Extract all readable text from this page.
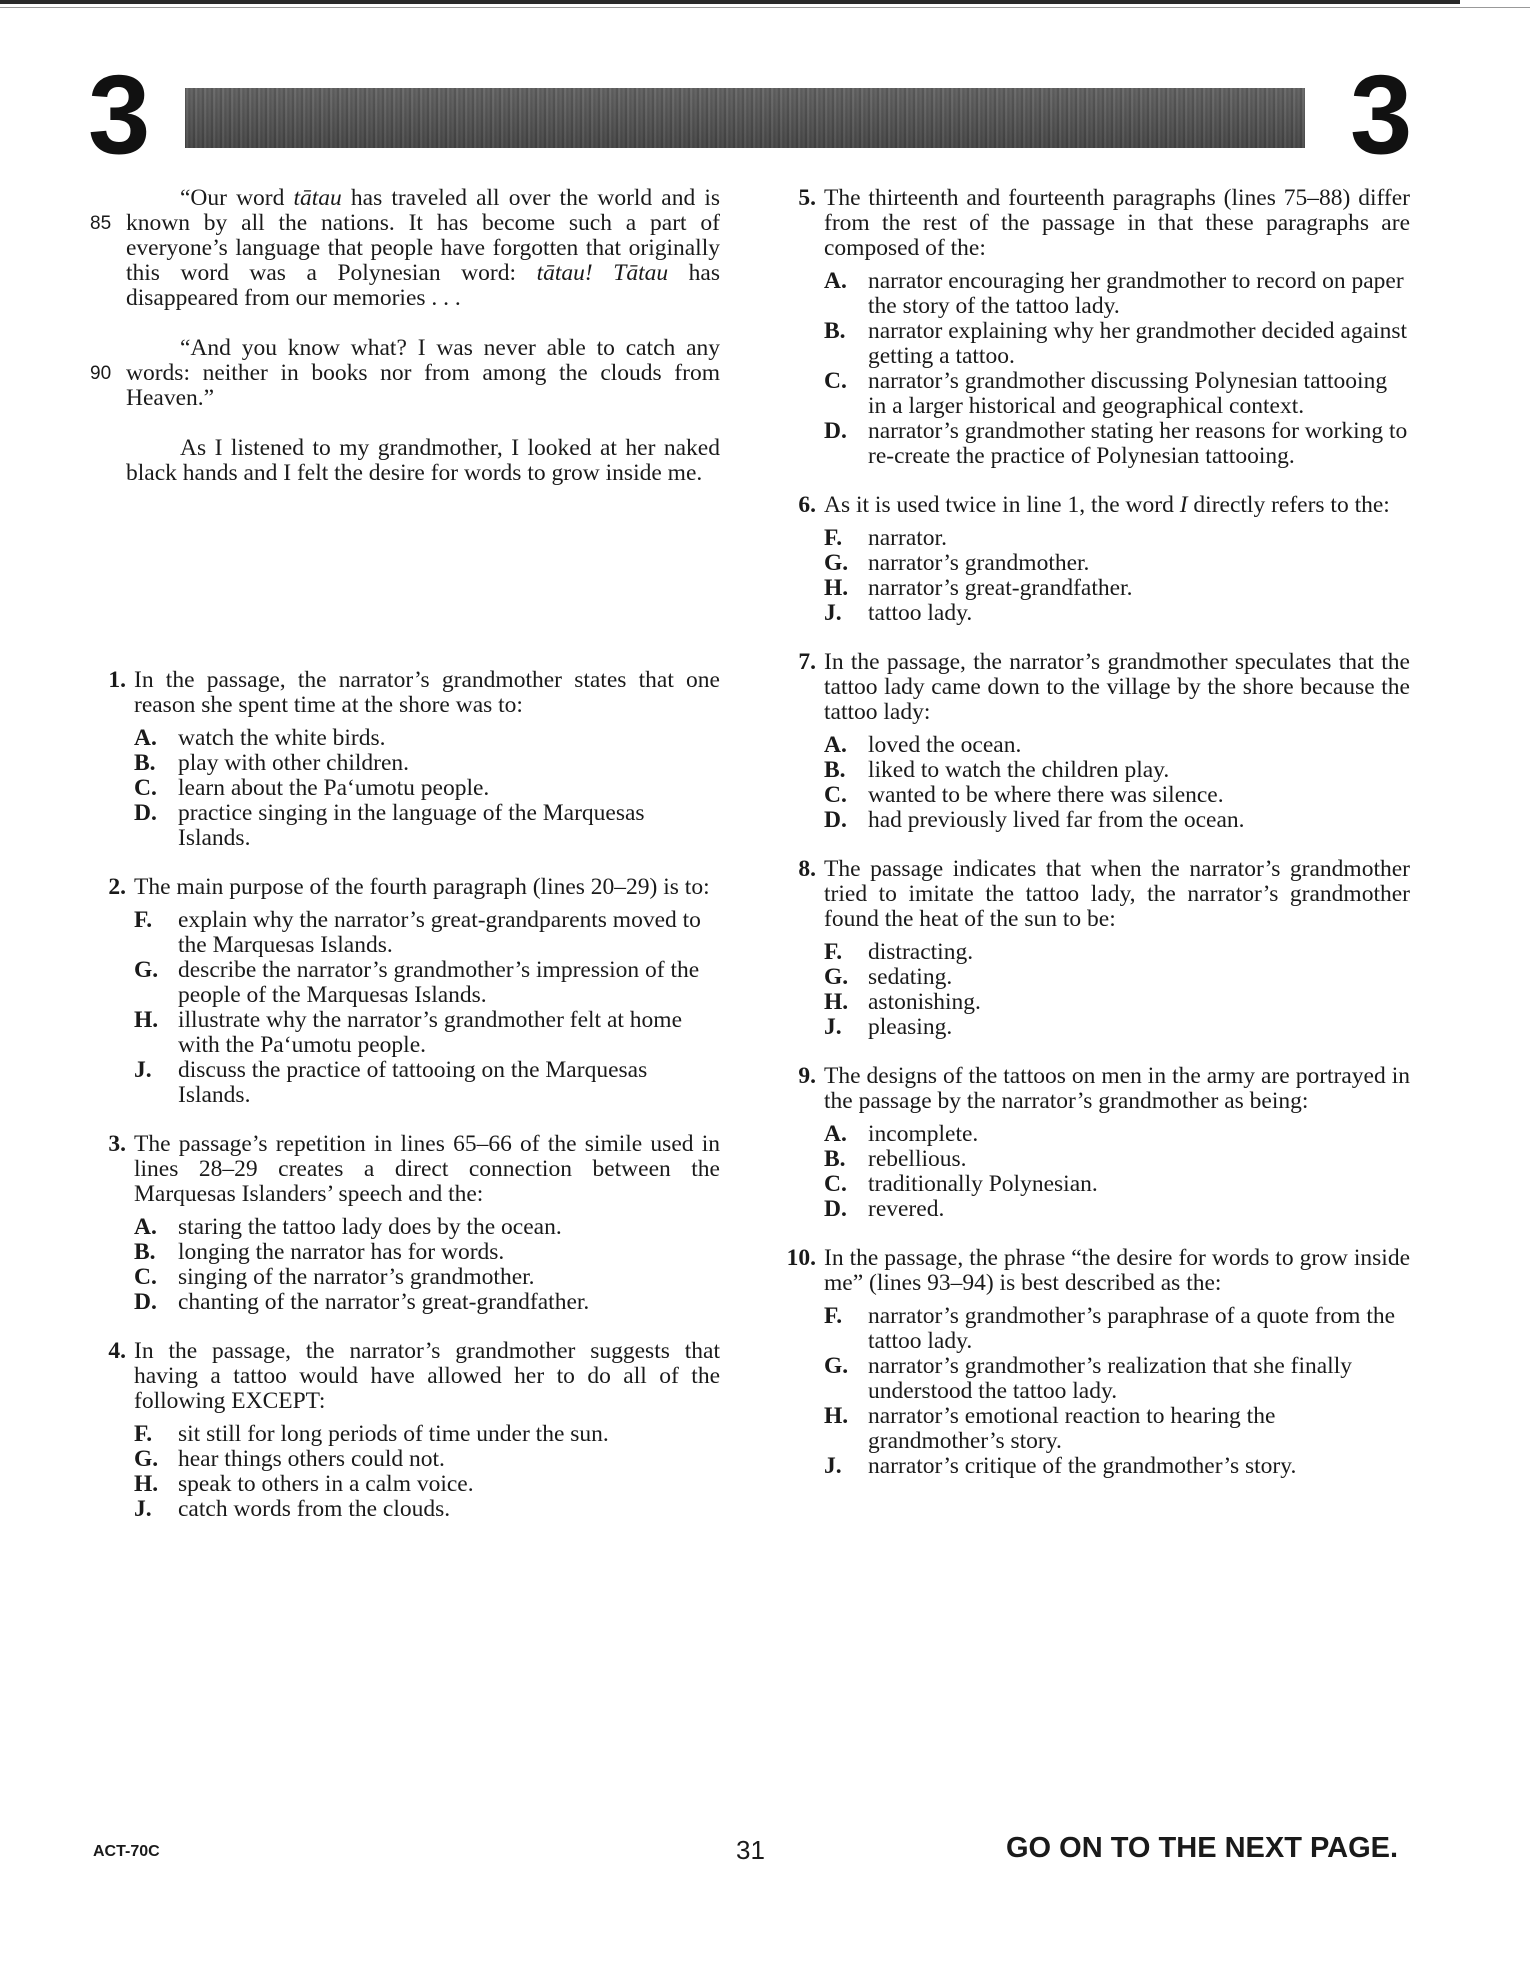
3	3
85
“Our word tātau has traveled all over the world and is known by all the nations. It has become such a part of everyone’s language that people have forgotten that originally this word was a Polynesian word: tātau! Tātau has disappeared from our memories . . .
90
“And you know what? I was never able to catch any words: neither in books nor from among the clouds from Heaven.”
As I listened to my grandmother, I looked at her naked black hands and I felt the desire for words to grow inside me.
1. In the passage, the narrator’s grandmother states that one reason she spent time at the shore was to:
A. watch the white birds.
B. play with other children.
C. learn about the Pa‘umotu people.
D. practice singing in the language of the Marquesas Islands.
2. The main purpose of the fourth paragraph (lines 20–29) is to:
F. explain why the narrator’s great-grandparents moved to the Marquesas Islands.
G. describe the narrator’s grandmother’s impression of the people of the Marquesas Islands.
H. illustrate why the narrator’s grandmother felt at home with the Pa‘umotu people.
J. discuss the practice of tattooing on the Marquesas Islands.
3. The passage’s repetition in lines 65–66 of the simile used in lines 28–29 creates a direct connection between the Marquesas Islanders’ speech and the:
A. staring the tattoo lady does by the ocean.
B. longing the narrator has for words.
C. singing of the narrator’s grandmother.
D. chanting of the narrator’s great-grandfather.
4. In the passage, the narrator’s grandmother suggests that having a tattoo would have allowed her to do all of the following EXCEPT:
F. sit still for long periods of time under the sun.
G. hear things others could not.
H. speak to others in a calm voice.
J. catch words from the clouds.
5. The thirteenth and fourteenth paragraphs (lines 75–88) differ from the rest of the passage in that these paragraphs are composed of the:
A. narrator encouraging her grandmother to record on paper the story of the tattoo lady.
B. narrator explaining why her grandmother decided against getting a tattoo.
C. narrator’s grandmother discussing Polynesian tattooing in a larger historical and geographical context.
D. narrator’s grandmother stating her reasons for working to re-create the practice of Polynesian tattooing.
6. As it is used twice in line 1, the word I directly refers to the:
F. narrator.
G. narrator’s grandmother.
H. narrator’s great-grandfather.
J. tattoo lady.
7. In the passage, the narrator’s grandmother speculates that the tattoo lady came down to the village by the shore because the tattoo lady:
A. loved the ocean.
B. liked to watch the children play.
C. wanted to be where there was silence.
D. had previously lived far from the ocean.
8. The passage indicates that when the narrator’s grandmother tried to imitate the tattoo lady, the narrator’s grandmother found the heat of the sun to be:
F. distracting.
G. sedating.
H. astonishing.
J. pleasing.
9. The designs of the tattoos on men in the army are portrayed in the passage by the narrator’s grandmother as being:
A. incomplete.
B. rebellious.
C. traditionally Polynesian.
D. revered.
10. In the passage, the phrase “the desire for words to grow inside me” (lines 93–94) is best described as the:
F. narrator’s grandmother’s paraphrase of a quote from the tattoo lady.
G. narrator’s grandmother’s realization that she finally understood the tattoo lady.
H. narrator’s emotional reaction to hearing the grandmother’s story.
J. narrator’s critique of the grandmother’s story.
ACT-70C	31	GO ON TO THE NEXT PAGE.
